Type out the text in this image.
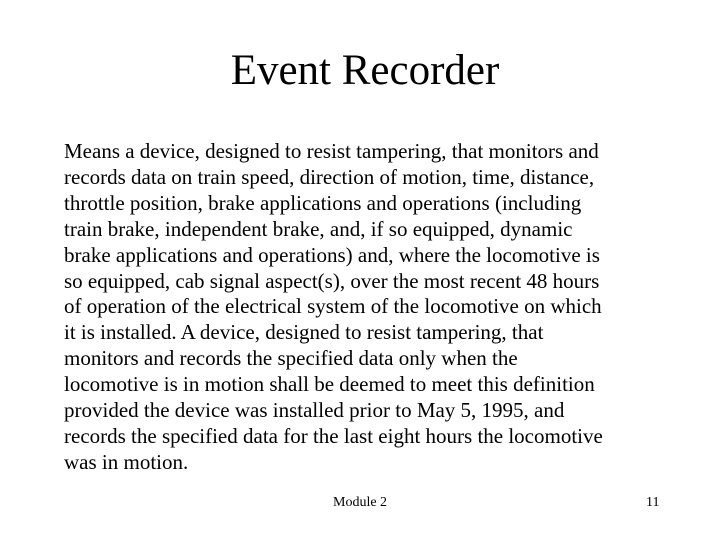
Event Recorder
Means a device, designed to resist tampering, that monitors and
records data on train speed, direction of motion, time, distance,
throttle position, brake applications and operations (including
train brake, independent brake, and, if so equipped, dynamic
brake applications and operations) and, where the locomotive is
so equipped, cab signal aspect(s), over the most recent 48 hours
of operation of the electrical system of the locomotive on which
it is installed. A device, designed to resist tampering, that
monitors and records the specified data only when the
locomotive is in motion shall be deemed to meet this definition
provided the device was installed prior to May 5, 1995, and
records the specified data for the last eight hours the locomotive
was in motion.
Module 2	11
